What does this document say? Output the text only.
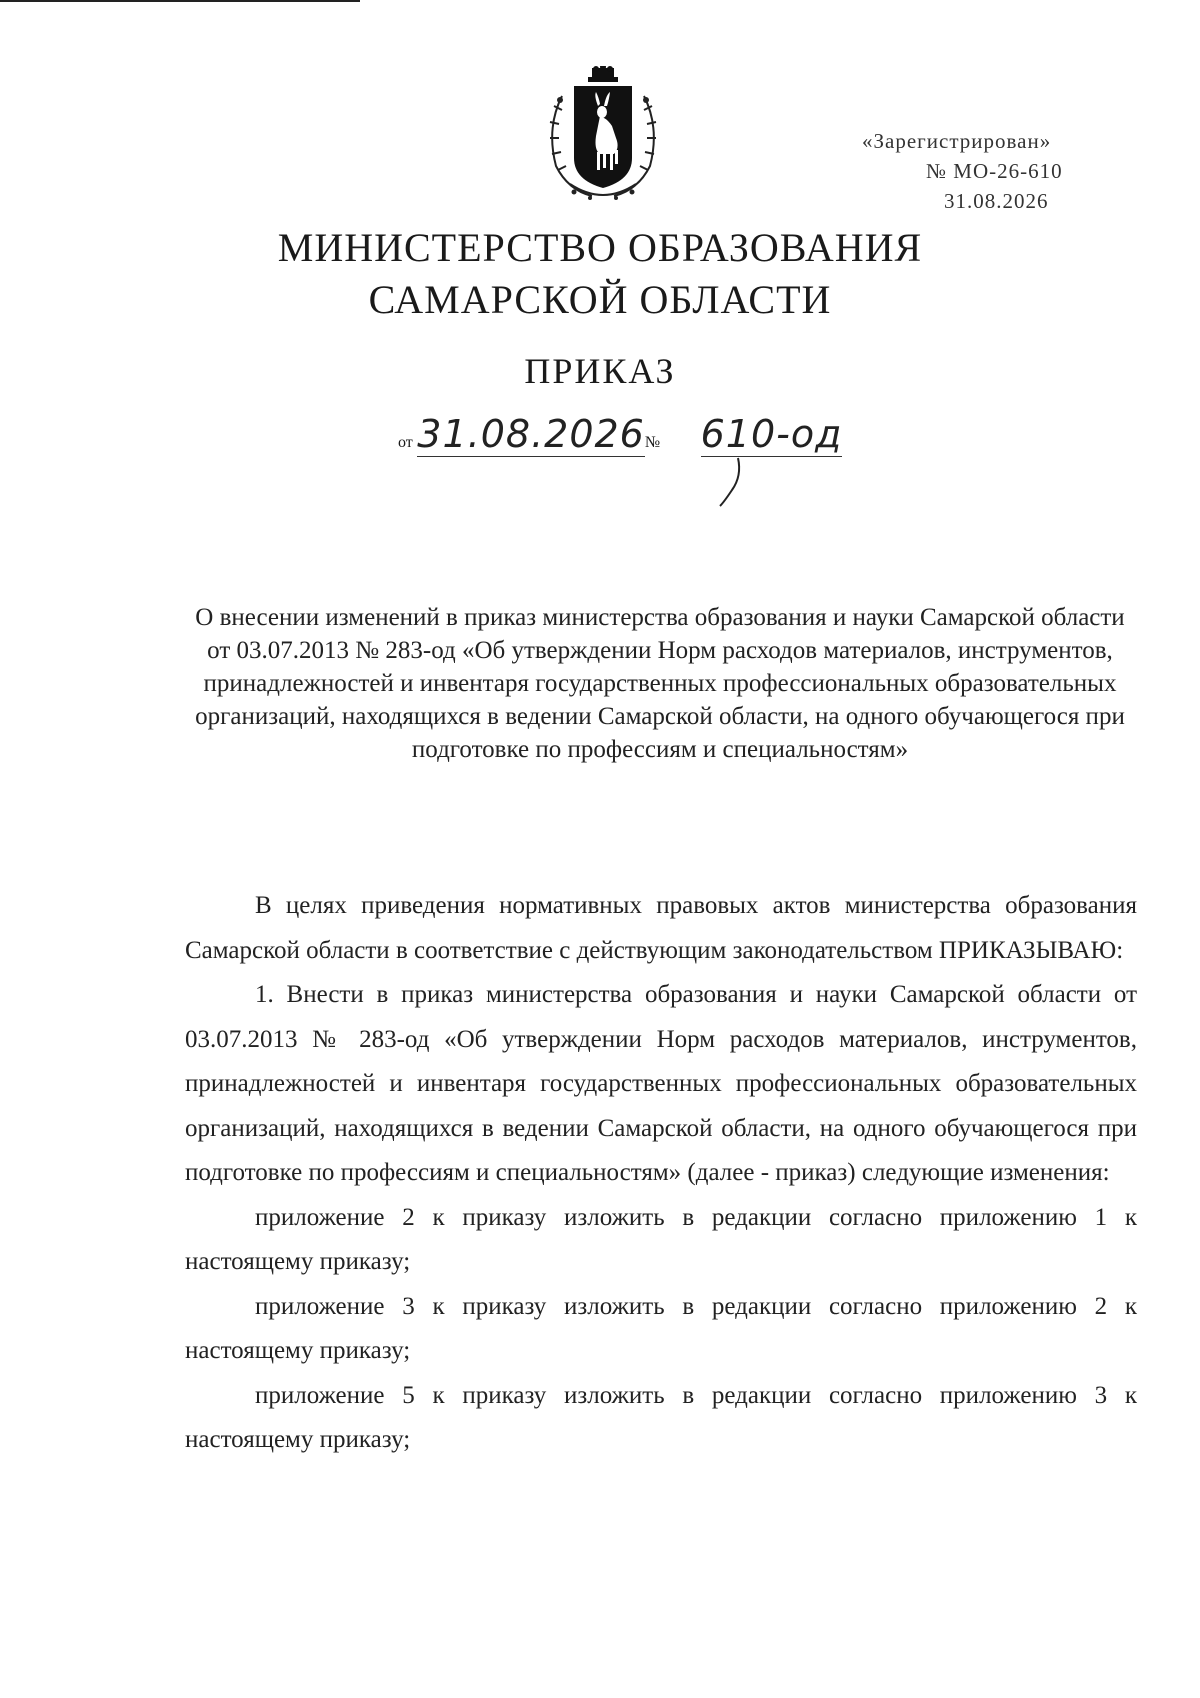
«Зарегистрирован»
№ МО-26-610
31.08.2026
МИНИСТЕРСТВО ОБРАЗОВАНИЯ
САМАРСКОЙ ОБЛАСТИ
ПРИКАЗ
от 31.08.2026№ 610-од
О внесении изменений в приказ министерства образования и науки Самарской области от 03.07.2013 № 283-од «Об утверждении Норм расходов материалов, инструментов, принадлежностей и инвентаря государственных профессиональных образовательных организаций, находящихся в ведении Самарской области, на одного обучающегося при подготовке по профессиям и специальностям»

В целях приведения нормативных правовых актов министерства образования Самарской области в соответствие с действующим законодательством ПРИКАЗЫВАЮ:

1. Внести в приказ министерства образования и науки Самарской области от 03.07.2013 № 283-од «Об утверждении Норм расходов материалов, инструментов, принадлежностей и инвентаря государственных профессиональных образовательных организаций, находящихся в ведении Самарской области, на одного обучающегося при подготовке по профессиям и специальностям» (далее - приказ) следующие изменения:

приложение 2 к приказу изложить в редакции согласно приложению 1 к настоящему приказу;

приложение 3 к приказу изложить в редакции согласно приложению 2 к настоящему приказу;

приложение 5 к приказу изложить в редакции согласно приложению 3 к настоящему приказу;
